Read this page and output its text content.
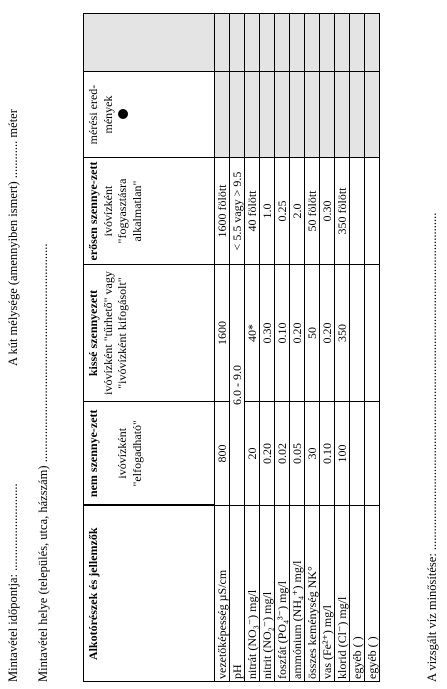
Mintavétel időpontja: ............................
A kút mélysége (amennyiben ismert) ............ méter
Mintavétel helye (település, utca, házszám) ......................................................................
Alkotórészek és jellemzők	nem szennye-zett ivóvízként "elfogadható"	kissé szennyezett ivóvízként "tűrhető" vagy "ivóvízként kifogásolt"	erősen szennye-zett ivóvízként "fogyasztásra alkalmatlan"	mérési ered-mények

vezetőképesség µS/cm	800	1600	1600 fölött		
pH	6.0 - 9.0		< 5.5 vagy > 9.5		
nitrát (NO₃⁻) mg/l	20	40*	40 fölött		
nitrit (NO₂⁻) mg/l	0.20	0.30	1.0		
foszfát (PO₄³⁻) mg/l	0.02	0.10	0.25		
ammónium (NH₄⁺) mg/l	0.05	0.20	2.0		
összes keménység NK°	30	50	50 fölött		
vas (Fe²⁺) mg/l	0.10	0.20	0.30		
klorid (Cl⁻) mg/l	100	350	350 fölött		
egyéb ( )					
egyéb ( )						A vizsgált víz minősítése: ............................................................................................................
